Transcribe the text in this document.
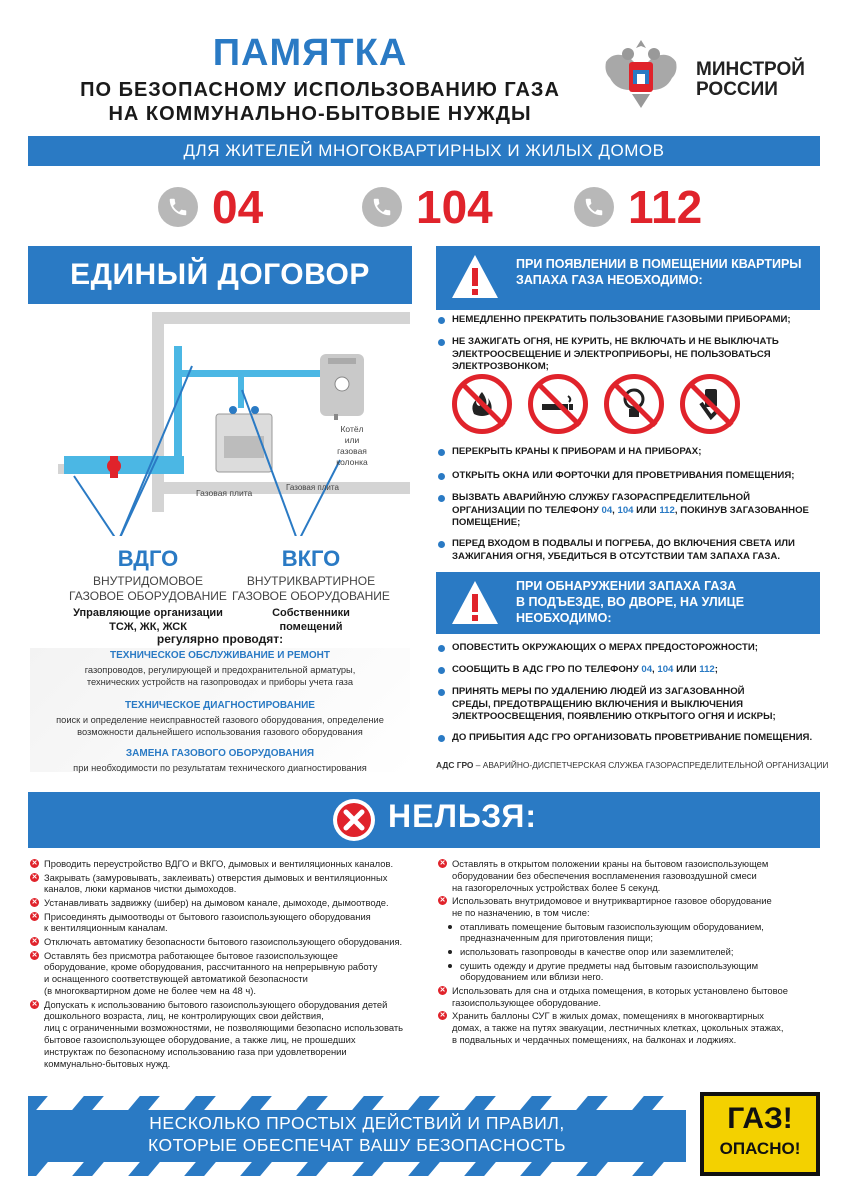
ПАМЯТКА
ПО БЕЗОПАСНОМУ ИСПОЛЬЗОВАНИЮ ГАЗА
НА КОММУНАЛЬНО-БЫТОВЫЕ НУЖДЫ
МИНСТРОЙ
РОССИИ
ДЛЯ ЖИТЕЛЕЙ МНОГОКВАРТИРНЫХ И ЖИЛЫХ ДОМОВ
04	104	112
ЕДИНЫЙ ДОГОВОР
Газовая плита
Котёл
или
газовая
колонка
Газовая плита
ВДГО
ВНУТРИДОМОВОЕ
ГАЗОВОЕ ОБОРУДОВАНИЕ
Управляющие организации
ТСЖ, ЖК, ЖСК
ВКГО
ВНУТРИКВАРТИРНОЕ
ГАЗОВОЕ ОБОРУДОВАНИЕ
Собственники
помещений
регулярно проводят:
ТЕХНИЧЕСКОЕ ОБСЛУЖИВАНИЕ И РЕМОНТ
газопроводов, регулирующей и предохранительной арматуры,
технических устройств на газопроводах и приборы учета газа
ТЕХНИЧЕСКОЕ ДИАГНОСТИРОВАНИЕ
поиск и определение неисправностей газового оборудования, определение
возможности дальнейшего использования газового оборудования
ЗАМЕНА ГАЗОВОГО ОБОРУДОВАНИЯ
при необходимости по результатам технического диагностирования
ПРИ ПОЯВЛЕНИИ В ПОМЕЩЕНИИ КВАРТИРЫ
ЗАПАХА ГАЗА НЕОБХОДИМО:
НЕМЕДЛЕННО ПРЕКРАТИТЬ ПОЛЬЗОВАНИЕ ГАЗОВЫМИ ПРИБОРАМИ;
НЕ ЗАЖИГАТЬ ОГНЯ, НЕ КУРИТЬ, НЕ ВКЛЮЧАТЬ И НЕ ВЫКЛЮЧАТЬ
ЭЛЕКТРООСВЕЩЕНИЕ И ЭЛЕКТРОПРИБОРЫ, НЕ ПОЛЬЗОВАТЬСЯ
ЭЛЕКТРОЗВОНКОМ;
ПЕРЕКРЫТЬ КРАНЫ К ПРИБОРАМ И НА ПРИБОРАХ;
ОТКРЫТЬ ОКНА ИЛИ ФОРТОЧКИ ДЛЯ ПРОВЕТРИВАНИЯ ПОМЕЩЕНИЯ;
ВЫЗВАТЬ АВАРИЙНУЮ СЛУЖБУ ГАЗОРАСПРЕДЕЛИТЕЛЬНОЙ
ОРГАНИЗАЦИИ ПО ТЕЛЕФОНУ 04, 104 ИЛИ 112, ПОКИНУВ ЗАГАЗОВАННОЕ
ПОМЕЩЕНИЕ;
ПЕРЕД ВХОДОМ В ПОДВАЛЫ И ПОГРЕБА, ДО ВКЛЮЧЕНИЯ СВЕТА ИЛИ
ЗАЖИГАНИЯ ОГНЯ, УБЕДИТЬСЯ В ОТСУТСТВИИ ТАМ ЗАПАХА ГАЗА.
ПРИ ОБНАРУЖЕНИИ ЗАПАХА ГАЗА
В ПОДЪЕЗДЕ, ВО ДВОРЕ, НА УЛИЦЕ
НЕОБХОДИМО:
ОПОВЕСТИТЬ ОКРУЖАЮЩИХ О МЕРАХ ПРЕДОСТОРОЖНОСТИ;
СООБЩИТЬ В АДС ГРО ПО ТЕЛЕФОНУ 04, 104 ИЛИ 112;
ПРИНЯТЬ МЕРЫ ПО УДАЛЕНИЮ ЛЮДЕЙ ИЗ ЗАГАЗОВАННОЙ
СРЕДЫ, ПРЕДОТВРАЩЕНИЮ ВКЛЮЧЕНИЯ И ВЫКЛЮЧЕНИЯ
ЭЛЕКТРООСВЕЩЕНИЯ, ПОЯВЛЕНИЮ ОТКРЫТОГО ОГНЯ И ИСКРЫ;
ДО ПРИБЫТИЯ АДС ГРО ОРГАНИЗОВАТЬ ПРОВЕТРИВАНИЕ ПОМЕЩЕНИЯ.
АДС ГРО – АВАРИЙНО-ДИСПЕТЧЕРСКАЯ СЛУЖБА ГАЗОРАСПРЕДЕЛИТЕЛЬНОЙ ОРГАНИЗАЦИИ
НЕЛЬЗЯ:
✕ Проводить переустройство ВДГО и ВКГО, дымовых и вентиляционных каналов.
✕ Закрывать (замуровывать, заклеивать) отверстия дымовых и вентиляционных
каналов, люки карманов чистки дымоходов.
✕ Устанавливать задвижку (шибер) на дымовом канале, дымоходе, дымоотводе.
✕ Присоединять дымоотводы от бытового газоиспользующего оборудования
к вентиляционным каналам.
✕ Отключать автоматику безопасности бытового газоиспользующего оборудования.
✕ Оставлять без присмотра работающее бытовое газоиспользующее
оборудование, кроме оборудования, рассчитанного на непрерывную работу
и оснащенного соответствующей автоматикой безопасности
(в многоквартирном доме не более чем на 48 ч).
✕ Допускать к использованию бытового газоиспользующего оборудования детей
дошкольного возраста, лиц, не контролирующих свои действия,
лиц с ограниченными возможностями, не позволяющими безопасно использовать
бытовое газоиспользующее оборудование, а также лиц, не прошедших
инструктаж по безопасному использованию газа при удовлетворении
коммунально-бытовых нужд.
✕ Оставлять в открытом положении краны на бытовом газоиспользующем
оборудовании без обеспечения воспламенения газовоздушной смеси
на газогорелочных устройствах более 5 секунд.
✕ Использовать внутридомовое и внутриквартирное газовое оборудование
не по назначению, в том числе:
отапливать помещение бытовым газоиспользующим оборудованием,
предназначенным для приготовления пищи;
использовать газопроводы в качестве опор или заземлителей;
сушить одежду и другие предметы над бытовым газоиспользующим
оборудованием или вблизи него.
✕ Использовать для сна и отдыха помещения, в которых установлено бытовое
газоиспользующее оборудование.
✕ Хранить баллоны СУГ в жилых домах, помещениях в многоквартирных
домах, а также на путях эвакуации, лестничных клетках, цокольных этажах,
в подвальных и чердачных помещениях, на балконах и лоджиях.
НЕСКОЛЬКО ПРОСТЫХ ДЕЙСТВИЙ И ПРАВИЛ,
КОТОРЫЕ ОБЕСПЕЧАТ ВАШУ БЕЗОПАСНОСТЬ
ГАЗ!
ОПАСНО!
